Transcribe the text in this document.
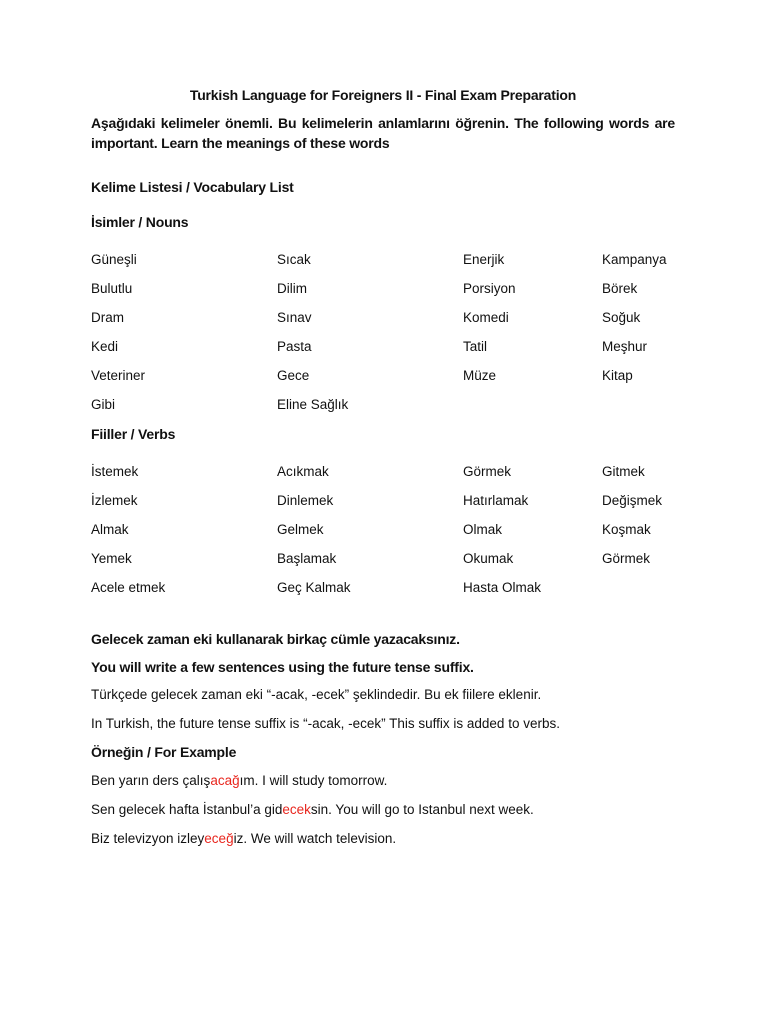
Turkish Language for Foreigners II - Final Exam Preparation
Aşağıdaki kelimeler önemli. Bu kelimelerin anlamlarını öğrenin. The following words are important. Learn the meanings of these words
Kelime Listesi / Vocabulary List
İsimler / Nouns
Güneşli	Sıcak	Enerjik	Kampanya
Bulutlu	Dilim	Porsiyon	Börek
Dram	Sınav	Komedi	Soğuk
Kedi	Pasta	Tatil	Meşhur
Veteriner	Gece	Müze	Kitap
Gibi	Eline Sağlık
Fiiller / Verbs
İstemek	Acıkmak	Görmek	Gitmek
İzlemek	Dinlemek	Hatırlamak	Değişmek
Almak	Gelmek	Olmak	Koşmak
Yemek	Başlamak	Okumak	Görmek
Acele etmek	Geç Kalmak	Hasta Olmak
Gelecek zaman eki kullanarak birkaç cümle yazacaksınız.
You will write a few sentences using the future tense suffix.
Türkçede gelecek zaman eki “-acak, -ecek” şeklindedir. Bu ek fiilere eklenir.
In Turkish, the future tense suffix is “-acak, -ecek” This suffix is added to verbs.
Örneğin / For Example
Ben yarın ders çalışacağım. I will study tomorrow.
Sen gelecek hafta İstanbul’a gideceksin. You will go to Istanbul next week.
Biz televizyon izleyeceğiz. We will watch television.
